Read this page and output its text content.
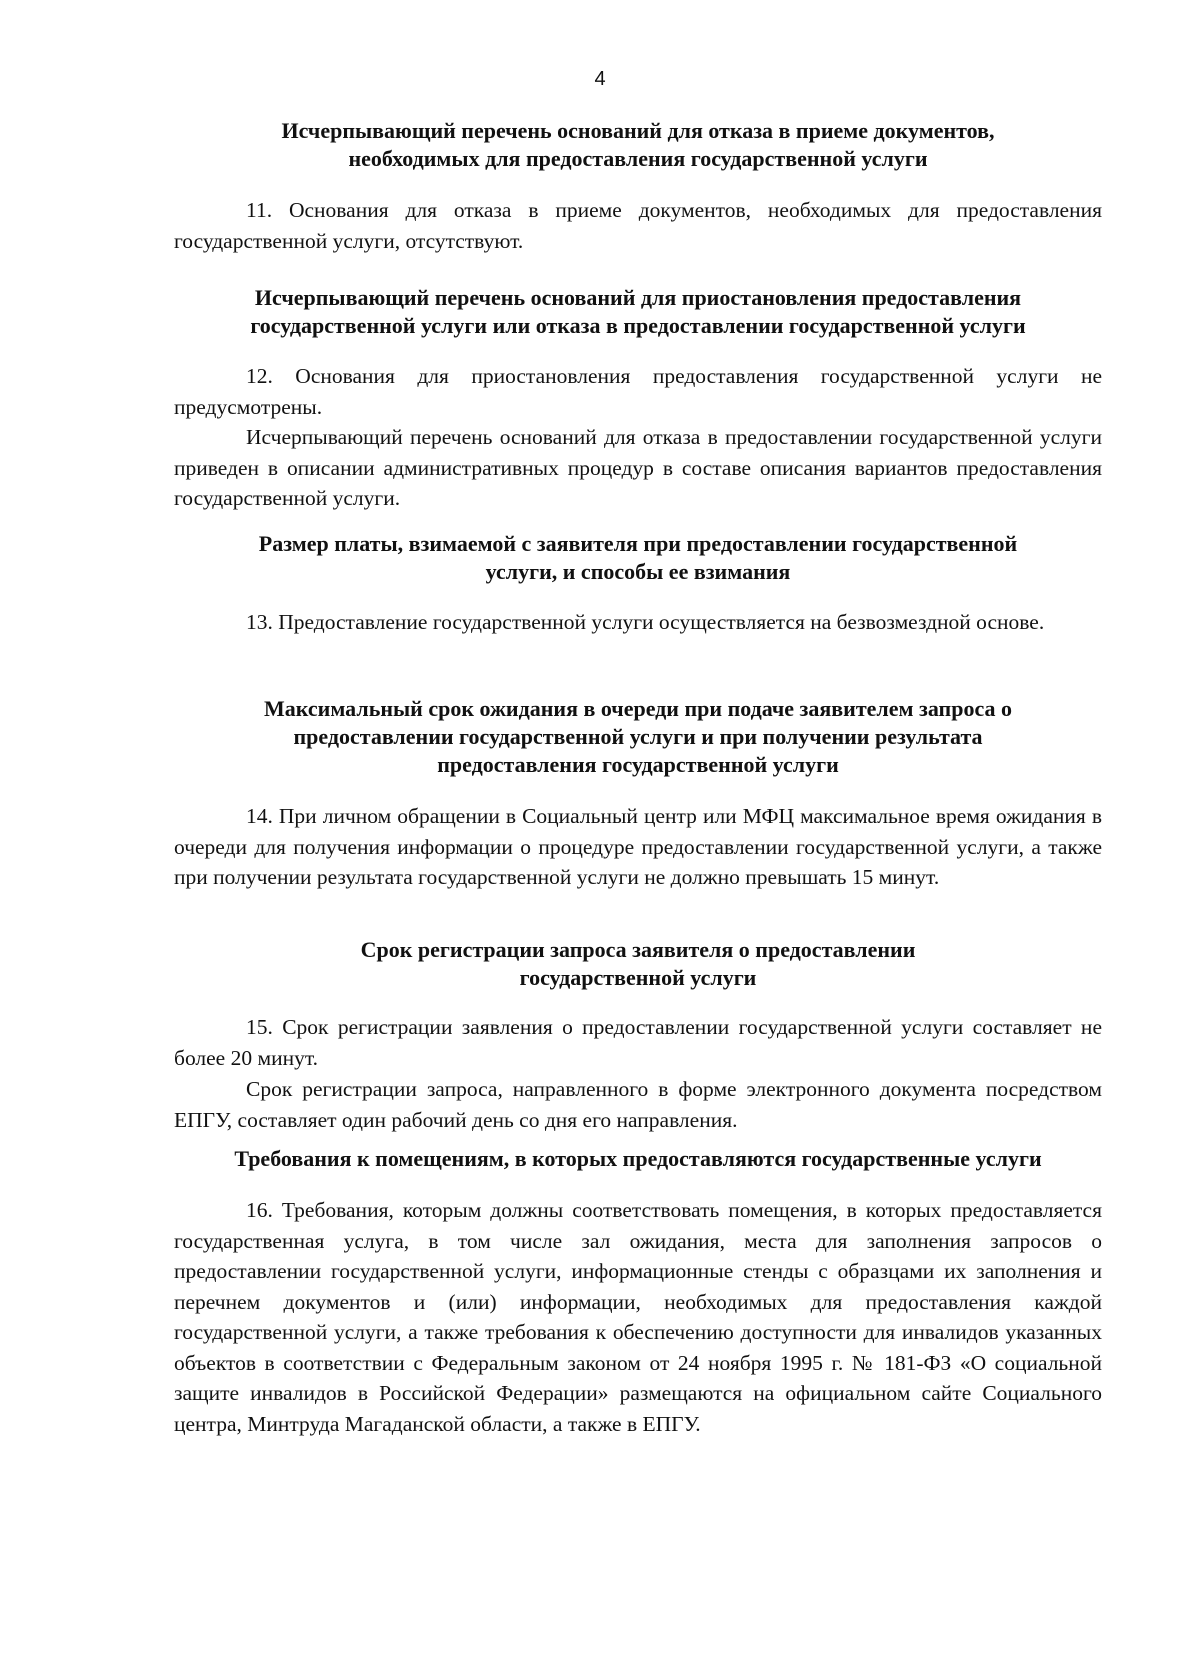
4
Исчерпывающий перечень оснований для отказа в приеме документов,
необходимых для предоставления государственной услуги
11. Основания для отказа в приеме документов, необходимых для предоставления государственной услуги, отсутствуют.
Исчерпывающий перечень оснований для приостановления предоставления
государственной услуги или отказа в предоставлении государственной услуги
12. Основания для приостановления предоставления государственной услуги не предусмотрены.
Исчерпывающий перечень оснований для отказа в предоставлении государственной услуги приведен в описании административных процедур в составе описания вариантов предоставления государственной услуги.
Размер платы, взимаемой с заявителя при предоставлении государственной
услуги, и способы ее взимания
13. Предоставление государственной услуги осуществляется на безвозмездной основе.
Максимальный срок ожидания в очереди при подаче заявителем запроса о
предоставлении государственной услуги и при получении результата
предоставления государственной услуги
14. При личном обращении в Социальный центр или МФЦ максимальное время ожидания в очереди для получения информации о процедуре предоставлении государственной услуги, а также при получении результата государственной услуги не должно превышать 15 минут.
Срок регистрации запроса заявителя о предоставлении
государственной услуги
15. Срок регистрации заявления о предоставлении государственной услуги составляет не более 20 минут.
Срок регистрации запроса, направленного в форме электронного документа посредством ЕПГУ, составляет один рабочий день со дня его направления.
Требования к помещениям, в которых предоставляются государственные услуги
16. Требования, которым должны соответствовать помещения, в которых предоставляется государственная услуга, в том числе зал ожидания, места для заполнения запросов о предоставлении государственной услуги, информационные стенды с образцами их заполнения и перечнем документов и (или) информации, необходимых для предоставления каждой государственной услуги, а также требования к обеспечению доступности для инвалидов указанных объектов в соответствии с Федеральным законом от 24 ноября 1995 г. № 181-ФЗ «О социальной защите инвалидов в Российской Федерации» размещаются на официальном сайте Социального центра, Минтруда Магаданской области, а также в ЕПГУ.
